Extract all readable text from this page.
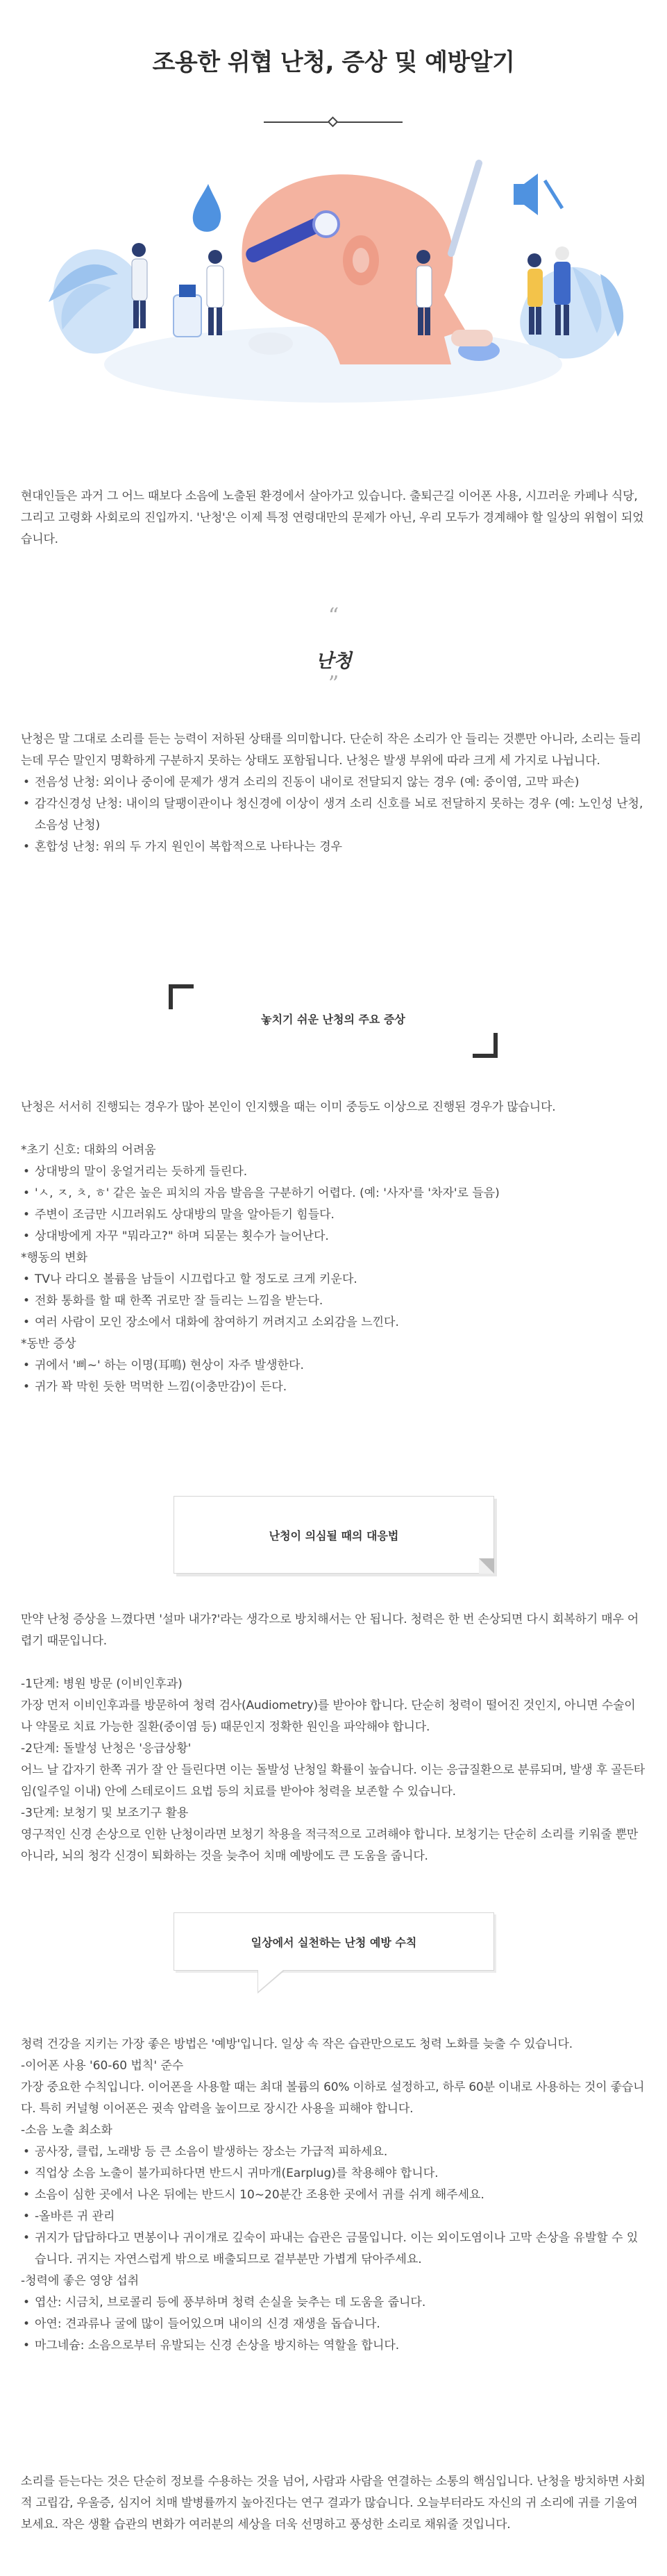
조용한 위협 난청, 증상 및 예방알기

현대인들은 과거 그 어느 때보다 소음에 노출된 환경에서 살아가고 있습니다. 출퇴근길 이어폰 사용, 시끄러운 카페나 식당, 그리고 고령화 사회로의 진입까지. '난청'은 이제 특정 연령대만의 문제가 아닌, 우리 모두가 경계해야 할 일상의 위협이 되었습니다.

“
난청
”

난청은 말 그대로 소리를 듣는 능력이 저하된 상태를 의미합니다. 단순히 작은 소리가 안 들리는 것뿐만 아니라, 소리는 들리는데 무슨 말인지 명확하게 구분하지 못하는 상태도 포함됩니다. 난청은 발생 부위에 따라 크게 세 가지로 나뉩니다.

• 전음성 난청: 외이나 중이에 문제가 생겨 소리의 진동이 내이로 전달되지 않는 경우 (예: 중이염, 고막 파손)
• 감각신경성 난청: 내이의 달팽이관이나 청신경에 이상이 생겨 소리 신호를 뇌로 전달하지 못하는 경우 (예: 노인성 난청, 소음성 난청)
• 혼합성 난청: 위의 두 가지 원인이 복합적으로 나타나는 경우
놓치기 쉬운 난청의 주요 증상

난청은 서서히 진행되는 경우가 많아 본인이 인지했을 때는 이미 중등도 이상으로 진행된 경우가 많습니다.

*초기 신호: 대화의 어려움
• 상대방의 말이 웅얼거리는 듯하게 들린다.
• 'ㅅ, ㅈ, ㅊ, ㅎ' 같은 높은 피치의 자음 발음을 구분하기 어렵다. (예: '사자'를 '차자'로 들음)
• 주변이 조금만 시끄러워도 상대방의 말을 알아듣기 힘들다.
• 상대방에게 자꾸 "뭐라고?" 하며 되묻는 횟수가 늘어난다.
*행동의 변화
• TV나 라디오 볼륨을 남들이 시끄럽다고 할 정도로 크게 키운다.
• 전화 통화를 할 때 한쪽 귀로만 잘 들리는 느낌을 받는다.
• 여러 사람이 모인 장소에서 대화에 참여하기 꺼려지고 소외감을 느낀다.
*동반 증상
• 귀에서 '삐~' 하는 이명(耳鳴) 현상이 자주 발생한다.
• 귀가 꽉 막힌 듯한 먹먹한 느낌(이충만감)이 든다.
난청이 의심될 때의 대응법

만약 난청 증상을 느꼈다면 '설마 내가?'라는 생각으로 방치해서는 안 됩니다. 청력은 한 번 손상되면 다시 회복하기 매우 어렵기 때문입니다.

-1단계: 병원 방문 (이비인후과)

가장 먼저 이비인후과를 방문하여 청력 검사(Audiometry)를 받아야 합니다. 단순히 청력이 떨어진 것인지, 아니면 수술이나 약물로 치료 가능한 질환(중이염 등) 때문인지 정확한 원인을 파악해야 합니다.

-2단계: 돌발성 난청은 '응급상황'

어느 날 갑자기 한쪽 귀가 잘 안 들린다면 이는 돌발성 난청일 확률이 높습니다. 이는 응급질환으로 분류되며, 발생 후 골든타임(일주일 이내) 안에 스테로이드 요법 등의 치료를 받아야 청력을 보존할 수 있습니다.

-3단계: 보청기 및 보조기구 활용

영구적인 신경 손상으로 인한 난청이라면 보청기 착용을 적극적으로 고려해야 합니다. 보청기는 단순히 소리를 키워줄 뿐만 아니라, 뇌의 청각 신경이 퇴화하는 것을 늦추어 치매 예방에도 큰 도움을 줍니다.

일상에서 실천하는 난청 예방 수칙

청력 건강을 지키는 가장 좋은 방법은 '예방'입니다. 일상 속 작은 습관만으로도 청력 노화를 늦출 수 있습니다.

-이어폰 사용 '60-60 법칙' 준수

가장 중요한 수칙입니다. 이어폰을 사용할 때는 최대 볼륨의 60% 이하로 설정하고, 하루 60분 이내로 사용하는 것이 좋습니다. 특히 커널형 이어폰은 귓속 압력을 높이므로 장시간 사용을 피해야 합니다.

-소음 노출 최소화
• 공사장, 클럽, 노래방 등 큰 소음이 발생하는 장소는 가급적 피하세요.
• 직업상 소음 노출이 불가피하다면 반드시 귀마개(Earplug)를 착용해야 합니다.
• 소음이 심한 곳에서 나온 뒤에는 반드시 10~20분간 조용한 곳에서 귀를 쉬게 해주세요.
• -올바른 귀 관리
• 귀지가 답답하다고 면봉이나 귀이개로 깊숙이 파내는 습관은 금물입니다. 이는 외이도염이나 고막 손상을 유발할 수 있습니다. 귀지는 자연스럽게 밖으로 배출되므로 겉부분만 가볍게 닦아주세요.
-청력에 좋은 영양 섭취
• 엽산: 시금치, 브로콜리 등에 풍부하며 청력 손실을 늦추는 데 도움을 줍니다.
• 아연: 견과류나 굴에 많이 들어있으며 내이의 신경 재생을 돕습니다.
• 마그네슘: 소음으로부터 유발되는 신경 손상을 방지하는 역할을 합니다.

소리를 듣는다는 것은 단순히 정보를 수용하는 것을 넘어, 사람과 사람을 연결하는 소통의 핵심입니다. 난청을 방치하면 사회적 고립감, 우울증, 심지어 치매 발병률까지 높아진다는 연구 결과가 많습니다. 오늘부터라도 자신의 귀 소리에 귀를 기울여보세요. 작은 생활 습관의 변화가 여러분의 세상을 더욱 선명하고 풍성한 소리로 채워줄 것입니다.
